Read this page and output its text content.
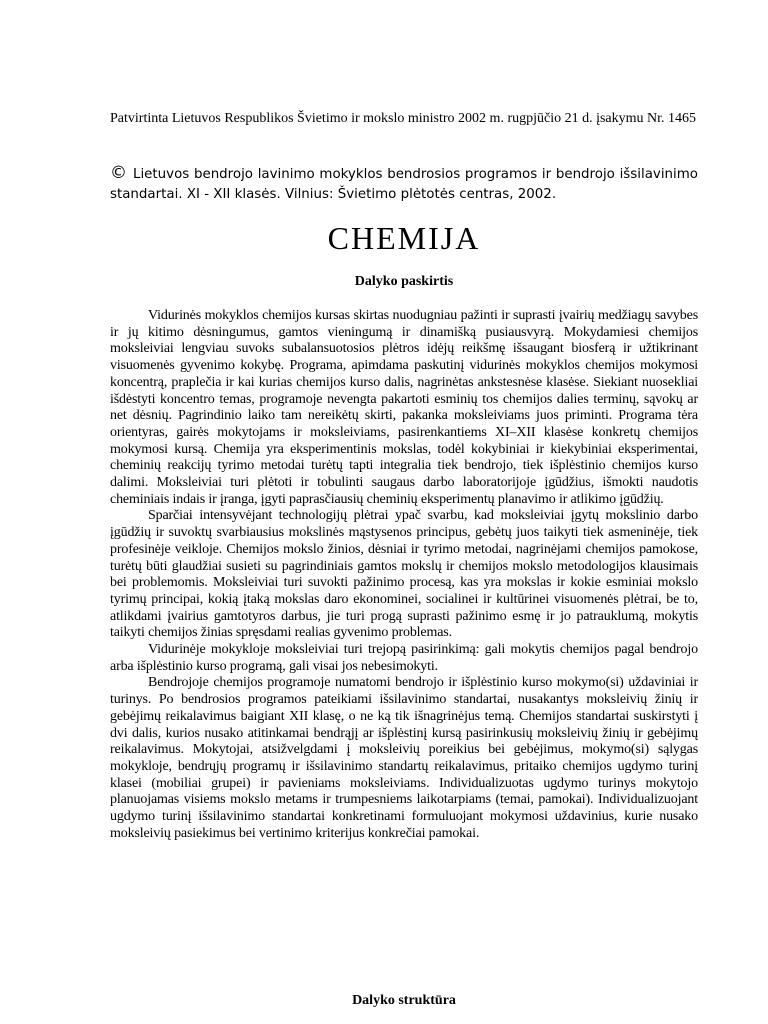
Patvirtinta Lietuvos Respublikos Švietimo ir mokslo ministro 2002 m. rugpjūčio 21 d. įsakymu Nr. 1465

© Lietuvos bendrojo lavinimo mokyklos bendrosios programos ir bendrojo išsilavinimo standartai. XI - XII klasės. Vilnius: Švietimo plėtotės centras, 2002.

CHEMIJA
Dalyko paskirtis

Vidurinės mokyklos chemijos kursas skirtas nuodugniau pažinti ir suprasti įvairių medžiagų savybes ir jų kitimo dėsningumus, gamtos vieningumą ir dinamišką pusiausvyrą. Mokydamiesi chemijos moksleiviai lengviau suvoks subalansuotosios plėtros idėjų reikšmę išsaugant biosferą ir užtikrinant visuomenės gyvenimo kokybę. Programa, apimdama paskutinį vidurinės mokyklos chemijos mokymosi koncentrą, praplečia ir kai kurias chemijos kurso dalis, nagrinėtas ankstesnėse klasėse. Siekiant nuosekliai išdėstyti koncentro temas, programoje nevengta pakartoti esminių tos chemijos dalies terminų, sąvokų ar net dėsnių. Pagrindinio laiko tam nereikėtų skirti, pakanka moksleiviams juos priminti. Programa tėra orientyras, gairės mokytojams ir moksleiviams, pasirenkantiems XI–XII klasėse konkretų chemijos mokymosi kursą. Chemija yra eksperimentinis mokslas, todėl kokybiniai ir kiekybiniai eksperimentai, cheminių reakcijų tyrimo metodai turėtų tapti integralia tiek bendrojo, tiek išplėstinio chemijos kurso dalimi. Moksleiviai turi plėtoti ir tobulinti saugaus darbo laboratorijoje įgūdžius, išmokti naudotis cheminiais indais ir įranga, įgyti paprasčiausių cheminių eksperimentų planavimo ir atlikimo įgūdžių.

Sparčiai intensyvėjant technologijų plėtrai ypač svarbu, kad moksleiviai įgytų mokslinio darbo įgūdžių ir suvoktų svarbiausius mokslinės mąstysenos principus, gebėtų juos taikyti tiek asmeninėje, tiek profesinėje veikloje. Chemijos mokslo žinios, dėsniai ir tyrimo metodai, nagrinėjami chemijos pamokose, turėtų būti glaudžiai susieti su pagrindiniais gamtos mokslų ir chemijos mokslo metodologijos klausimais bei problemomis. Moksleiviai turi suvokti pažinimo procesą, kas yra mokslas ir kokie esminiai mokslo tyrimų principai, kokią įtaką mokslas daro ekonominei, socialinei ir kultūrinei visuomenės plėtrai, be to, atlikdami įvairius gamtotyros darbus, jie turi progą suprasti pažinimo esmę ir jo patrauklumą, mokytis taikyti chemijos žinias spręsdami realias gyvenimo problemas.

Vidurinėje mokykloje moksleiviai turi trejopą pasirinkimą: gali mokytis chemijos pagal bendrojo arba išplėstinio kurso programą, gali visai jos nebesimokyti.

Bendrojoje chemijos programoje numatomi bendrojo ir išplėstinio kurso mokymo(si) uždaviniai ir turinys. Po bendrosios programos pateikiami išsilavinimo standartai, nusakantys moksleivių žinių ir gebėjimų reikalavimus baigiant XII klasę, o ne ką tik išnagrinėjus temą. Chemijos standartai suskirstyti į dvi dalis, kurios nusako atitinkamai bendrąjį ar išplėstinį kursą pasirinkusių moksleivių žinių ir gebėjimų reikalavimus. Mokytojai, atsižvelgdami į moksleivių poreikius bei gebėjimus, mokymo(si) sąlygas mokykloje, bendrųjų programų ir išsilavinimo standartų reikalavimus, pritaiko chemijos ugdymo turinį klasei (mobiliai grupei) ir pavieniams moksleiviams. Individualizuotas ugdymo turinys mokytojo planuojamas visiems mokslo metams ir trumpesniems laikotarpiams (temai, pamokai). Individualizuojant ugdymo turinį išsilavinimo standartai konkretinami formuluojant mokymosi uždavinius, kurie nusako moksleivių pasiekimus bei vertinimo kriterijus konkrečiai pamokai.

Dalyko struktūra
